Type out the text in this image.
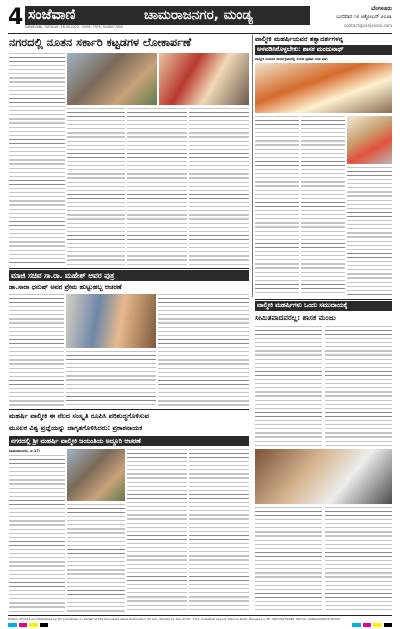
4 ಸಂಜೆವಾಣಿ	ಚಾಮರಾಜನಗರ, ಮಂಡ್ಯ
SANJEVANI, TUESDAY, 16.05.2023 · SUBS: 7955, 9448077855
ಬೆಂಗಳೂರು
ಬುಧವಾರ ೧೮ ಅಕ್ಟೋಬರ್ ೨೦೨೩
contact@sanjevani.com
ನಗರದಲ್ಲಿ ನೂತನ ಸರ್ಕಾರಿ ಕಟ್ಟಡಗಳ ಲೋಕಾರ್ಪಣೆ	ವಾಲ್ಮೀಕಿ ಮಹರ್ಷಿಯವರ ತತ್ವಾದರ್ಶಗಳನ್ನ
ಅಳವಡಿಸಿಕೊಳ್ಳಬೇಕು: ಶಾಸಕ ಮಂಜುನಾಥ್
ವಾಲ್ಮೀಕಿ ಜಯಂತಿ ಕಾರ್ಯಕ್ರಮದಲ್ಲಿ ಸಂಸದ ಪ್ರತಾಪ ಸಿಂಹ ಭಾಗಿ
ಮಾಜಿ ಸಚಿವ ಸಾ.ರಾ. ಮಹೇಶ್ ಅವರ ಪುತ್ರ
ಡಾ.ಸಾರಾ ಧನುಷ್ ಅವರ ಪ್ರೇಮ ಹುಟ್ಟುಹಬ್ಬ ಆಚರಣೆ
ವಾಲ್ಮೀಕಿ ಮಹರ್ಷಿಗಳು ಒಂದು ಸಮುದಾಯಕ್ಕೆ
ಸೀಮಿತವಾದವರಲ್ಲ: ಶಾಸಕ ಮಂಜು
ಮಹರ್ಷಿ ವಾಲ್ಮೀಕಿ ಈ ನೆಲದ ಸಂಸ್ಕೃತಿ ರೂಪಿಸಿ ಪರಿಶುದ್ಧಗೊಳಿಸುವ
ಮೂಲಕ ವಿಶ್ವ ಪ್ರಜ್ಞೆಯನ್ನು ಜಾಗೃತಗೊಳಿಸಿದರು: ಪ್ರಕಾಶನಾಯಕ
ನಗರದಲ್ಲಿ ಶ್ರೀ ಮಹರ್ಷಿ ವಾಲ್ಮೀಕಿ ಜಯಂತಿಯ ಅದ್ದೂರಿ ಆಚರಣೆ
ಚಾಮರಾಜನಗರ, ಅ.17:
Edited, Printed and Published by P.T. Jamakhan on behalf of M/s Karnataka News Publication (P) Ltd., Printed by him at No. 73/3, Industrial Layout, Mysore Road, Bengaluru. Ph: 080-26752626, RNI No. KARKAN/2003/10394
